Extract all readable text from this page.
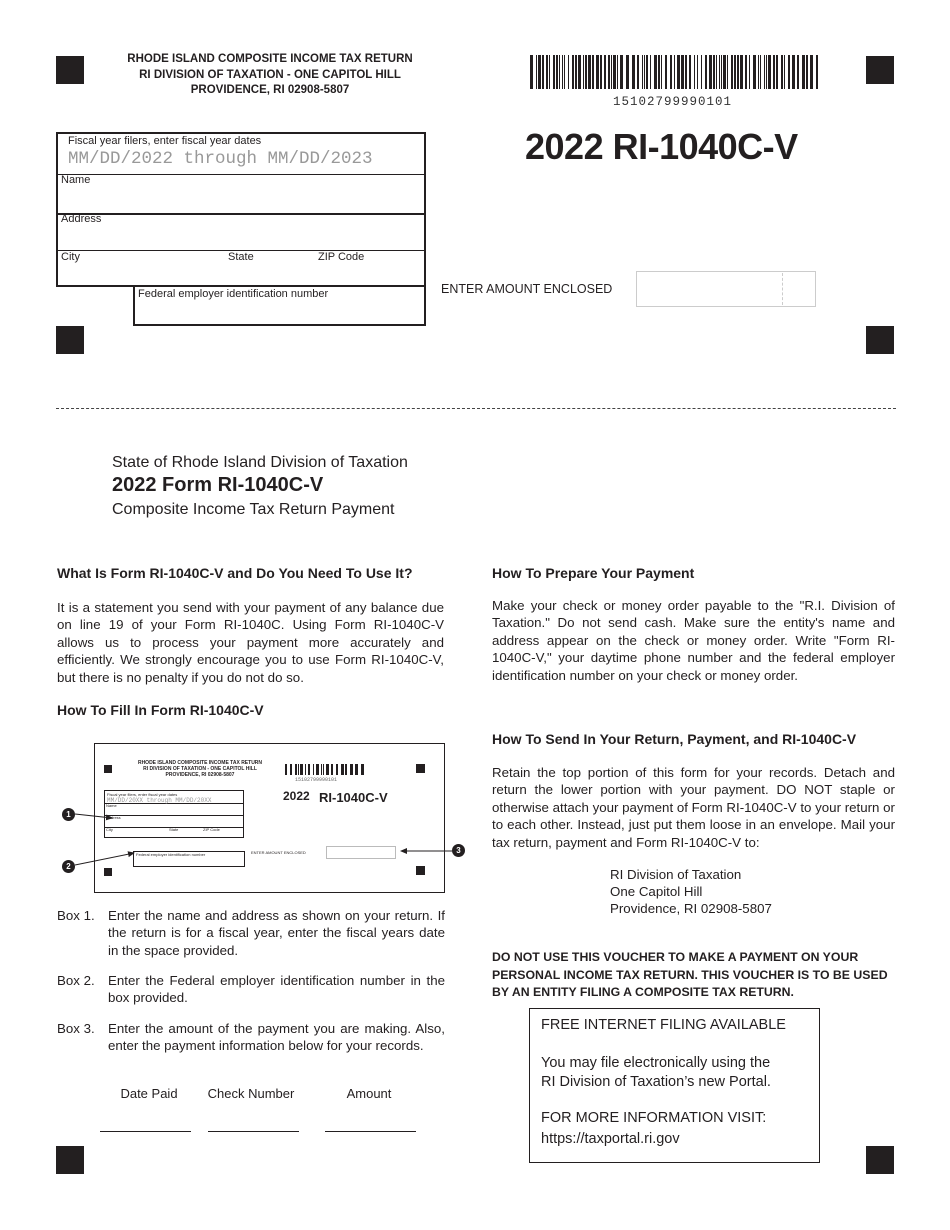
RHODE ISLAND COMPOSITE INCOME TAX RETURN
RI DIVISION OF TAXATION - ONE CAPITOL HILL
PROVIDENCE, RI 02908-5807
15102799990101
2022 RI-1040C-V
Fiscal year filers, enter fiscal year dates
MM/DD/2022 through MM/DD/2023
Name
Address
City	State	ZIP Code
Federal employer identification number	ENTER AMOUNT ENCLOSED
State of Rhode Island Division of Taxation
2022 Form RI-1040C-V
Composite Income Tax Return Payment
What Is Form RI-1040C-V and Do You Need To Use It?
It is a statement you send with your payment of any balance due on line 19 of your Form RI-1040C. Using Form RI-1040C-V allows us to process your payment more accurately and efficiently. We strongly encourage you to use Form RI-1040C-V, but there is no penalty if you do not do so.
How To Fill In Form RI-1040C-V
RHODE ISLAND COMPOSITE INCOME TAX RETURN
RI DIVISION OF TAXATION - ONE CAPITOL HILL
PROVIDENCE, RI 02908-5807
15102799990101
2022 RI-1040C-V
Fiscal year filers, enter fiscal year dates
MM/DD/20XX through MM/DD/20XX
Name
Address
City	State	ZIP Code
Federal employer identification number	ENTER AMOUNT ENCLOSED
1
2
3
Box 1. Enter the name and address as shown on your return. If the return is for a fiscal year, enter the fiscal years date in the space provided.
Box 2. Enter the Federal employer identification number in the box provided.
Box 3. Enter the amount of the payment you are making. Also, enter the payment information below for your records.
Date Paid	Check Number	Amount
How To Prepare Your Payment
Make your check or money order payable to the "R.I. Division of Taxation." Do not send cash. Make sure the entity's name and address appear on the check or money order. Write "Form RI-1040C-V," your daytime phone number and the federal employer identification number on your check or money order.
How To Send In Your Return, Payment, and RI-1040C-V
Retain the top portion of this form for your records. Detach and return the lower portion with your payment. DO NOT staple or otherwise attach your payment of Form RI-1040C-V to your return or to each other. Instead, just put them loose in an envelope. Mail your tax return, payment and Form RI-1040C-V to:
RI Division of Taxation
One Capitol Hill
Providence, RI 02908-5807
DO NOT USE THIS VOUCHER TO MAKE A PAYMENT ON YOUR PERSONAL INCOME TAX RETURN. THIS VOUCHER IS TO BE USED BY AN ENTITY FILING A COMPOSITE TAX RETURN.
FREE INTERNET FILING AVAILABLE
You may file electronically using the
RI Division of Taxation’s new Portal.
FOR MORE INFORMATION VISIT:
https://taxportal.ri.gov
